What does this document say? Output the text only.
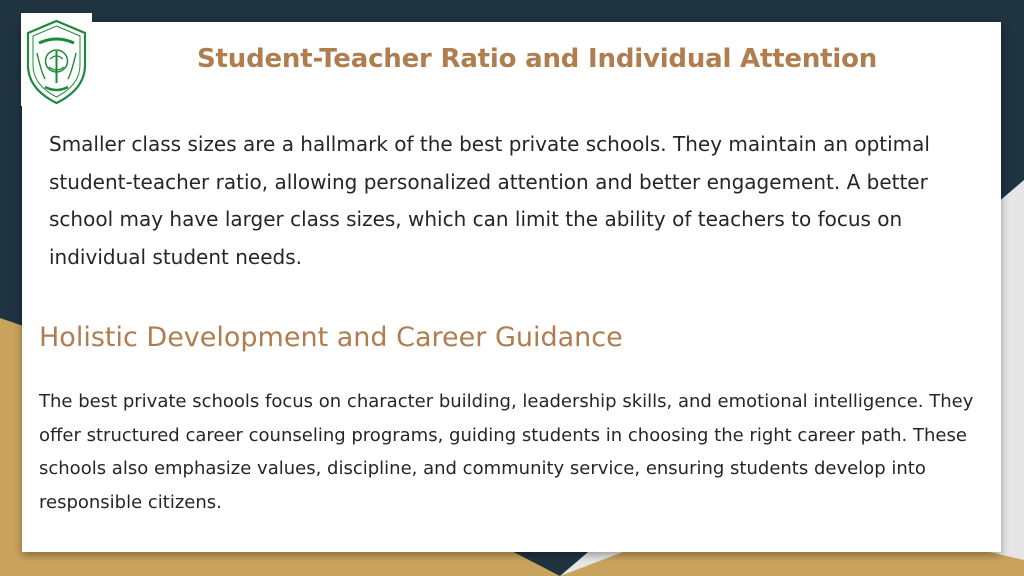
Student-Teacher Ratio and Individual Attention

Smaller class sizes are a hallmark of the best private schools. They maintain an optimal student-teacher ratio, allowing personalized attention and better engagement. A better school may have larger class sizes, which can limit the ability of teachers to focus on individual student needs.

Holistic Development and Career Guidance

The best private schools focus on character building, leadership skills, and emotional intelligence. They offer structured career counseling programs, guiding students in choosing the right career path. These schools also emphasize values, discipline, and community service, ensuring students develop into responsible citizens.
